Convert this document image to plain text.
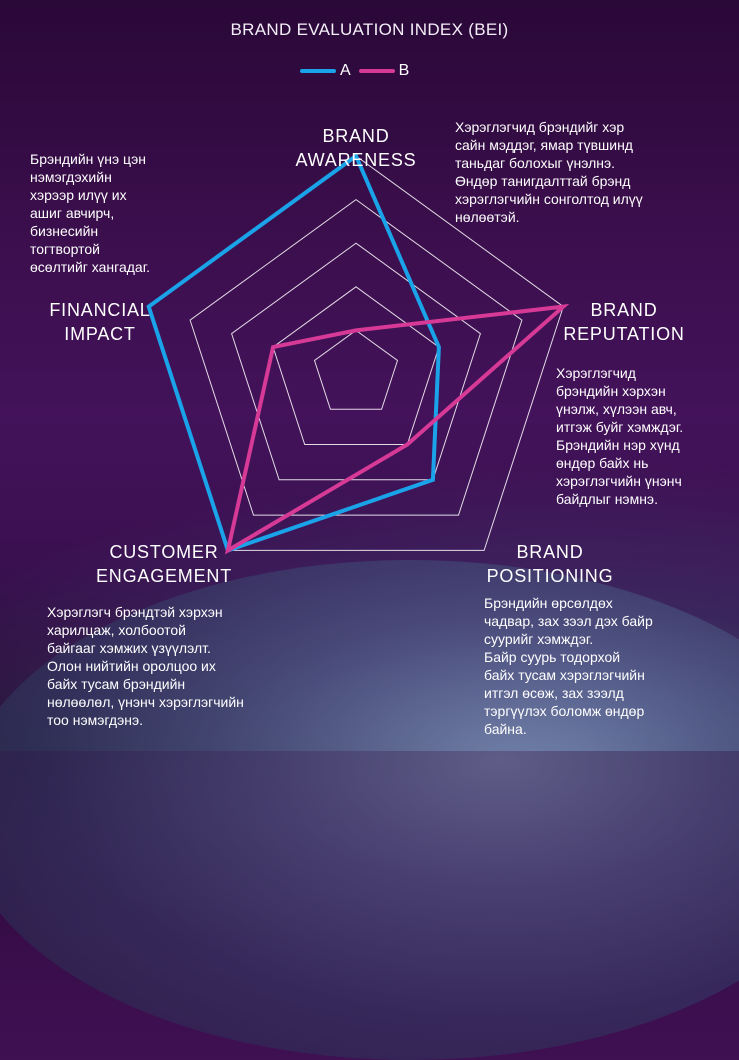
BRAND EVALUATION INDEX (BEI)
A	B
BRAND
AWARENESS
BRAND
REPUTATION
BRAND
POSITIONING
CUSTOMER
ENGAGEMENT
FINANCIAL
IMPACT
Брэндийн үнэ цэн
нэмэгдэхийн
хэрээр илүү их
ашиг авчирч,
бизнесийн
тогтвортой
өсөлтийг хангадаг.
Хэрэглэгчид брэндийг хэр
сайн мэддэг, ямар түвшинд
таньдаг болохыг үнэлнэ.
Өндөр танигдалттай брэнд
хэрэглэгчийн сонголтод илүү
нөлөөтэй.
Хэрэглэгчид
брэндийн хэрхэн
үнэлж, хүлээн авч,
итгэж буйг хэмждэг.
Брэндийн нэр хүнд
өндөр байх нь
хэрэглэгчийн үнэнч
байдлыг нэмнэ.
Хэрэглэгч брэндтэй хэрхэн
харилцаж, холбоотой
байгааг хэмжих үзүүлэлт.
Олон нийтийн оролцоо их
байх тусам брэндийн
нөлөөлөл, үнэнч хэрэглэгчийн
тоо нэмэгдэнэ.
Брэндийн өрсөлдөх
чадвар, зах зээл дэх байр
суурийг хэмждэг.
Байр суурь тодорхой
байх тусам хэрэглэгчийн
итгэл өсөж, зах зээлд
тэргүүлэх боломж өндөр
байна.
